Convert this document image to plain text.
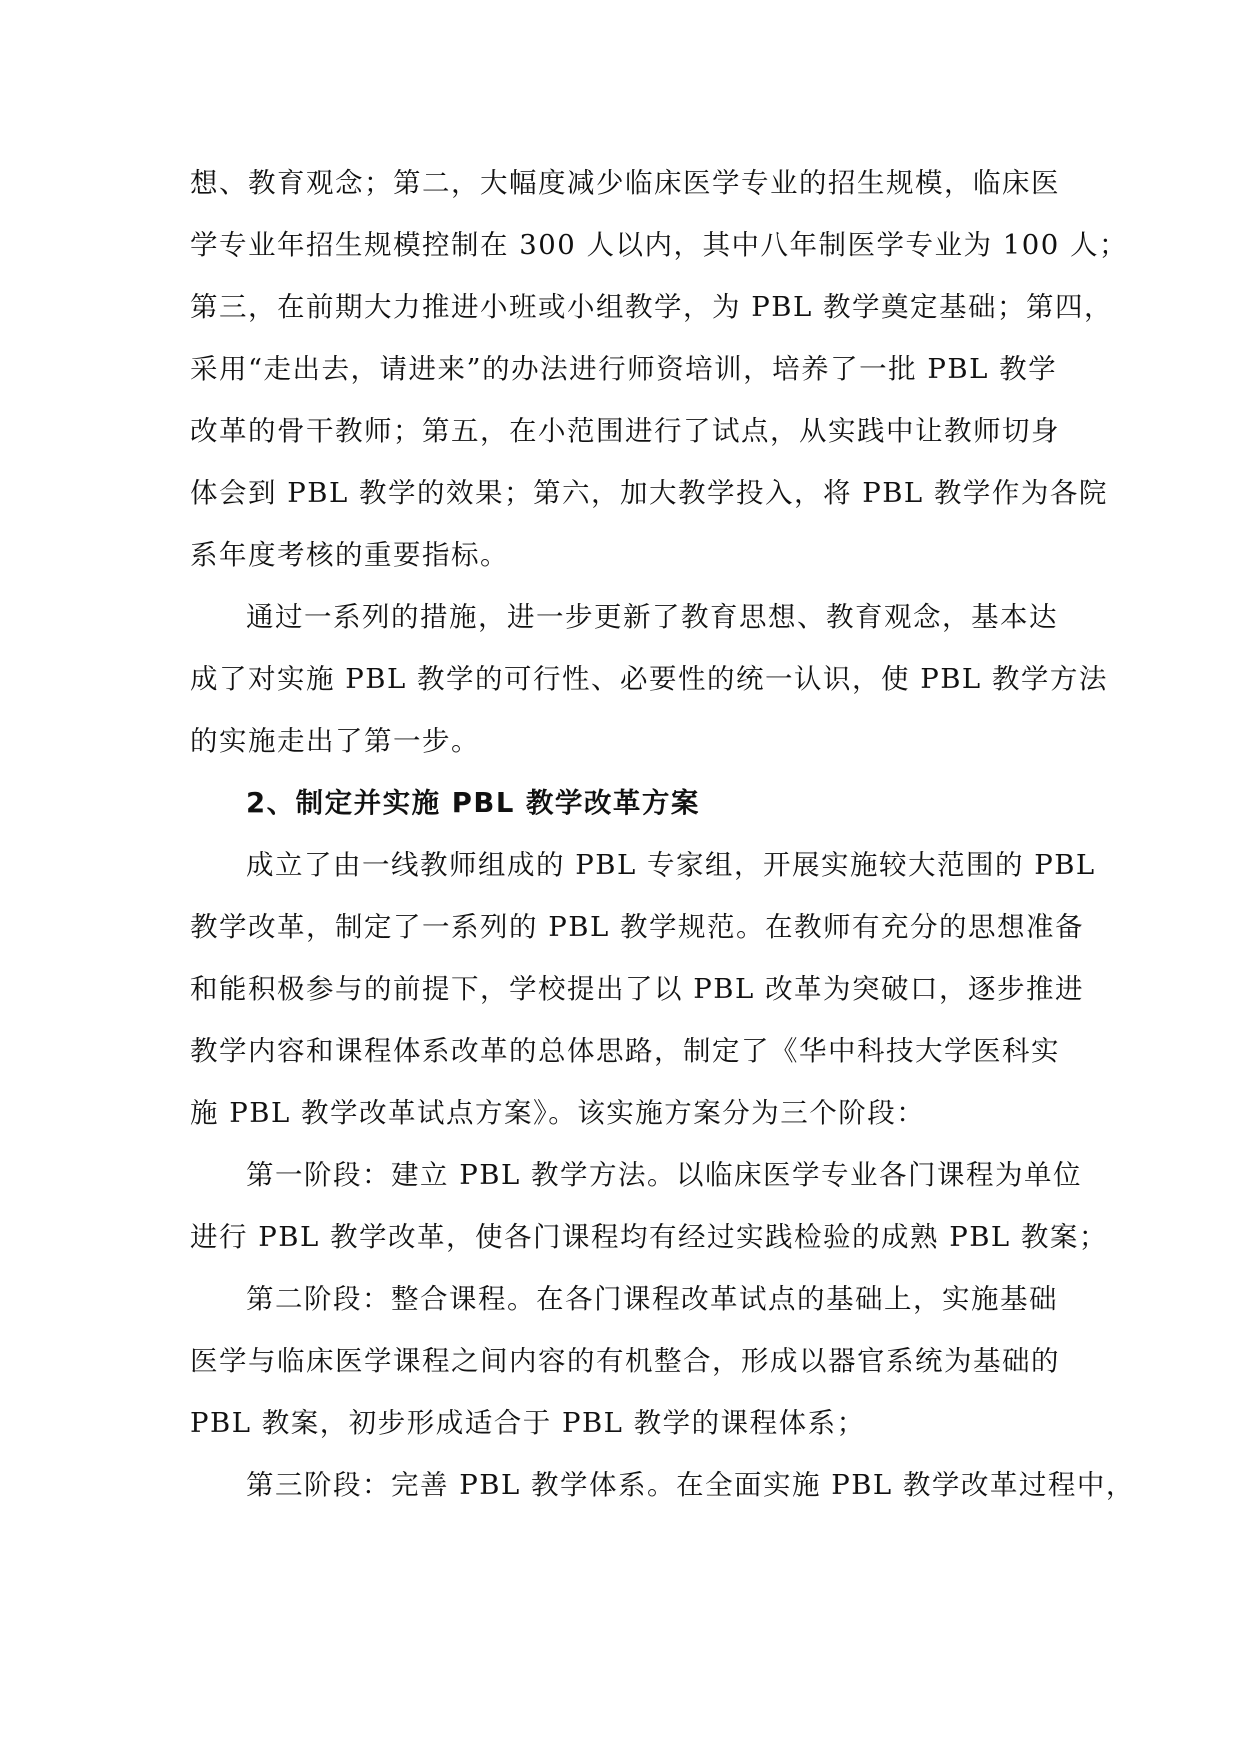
想、教育观念；第二，大幅度减少临床医学专业的招生规模，临床医
学专业年招生规模控制在 300 人以内，其中八年制医学专业为 100 人；
第三，在前期大力推进小班或小组教学，为 PBL 教学奠定基础；第四，
采用“走出去，请进来”的办法进行师资培训，培养了一批 PBL 教学
改革的骨干教师；第五，在小范围进行了试点，从实践中让教师切身
体会到 PBL 教学的效果；第六，加大教学投入，将 PBL 教学作为各院
系年度考核的重要指标。

通过一系列的措施，进一步更新了教育思想、教育观念，基本达
成了对实施 PBL 教学的可行性、必要性的统一认识，使 PBL 教学方法
的实施走出了第一步。

2、制定并实施 PBL 教学改革方案

成立了由一线教师组成的 PBL 专家组，开展实施较大范围的 PBL
教学改革，制定了一系列的 PBL 教学规范。在教师有充分的思想准备
和能积极参与的前提下，学校提出了以 PBL 改革为突破口，逐步推进
教学内容和课程体系改革的总体思路，制定了《华中科技大学医科实
施 PBL 教学改革试点方案》。该实施方案分为三个阶段：

第一阶段：建立 PBL 教学方法。以临床医学专业各门课程为单位
进行 PBL 教学改革，使各门课程均有经过实践检验的成熟 PBL 教案；

第二阶段：整合课程。在各门课程改革试点的基础上，实施基础
医学与临床医学课程之间内容的有机整合，形成以器官系统为基础的
PBL 教案，初步形成适合于 PBL 教学的课程体系；

第三阶段：完善 PBL 教学体系。在全面实施 PBL 教学改革过程中，
